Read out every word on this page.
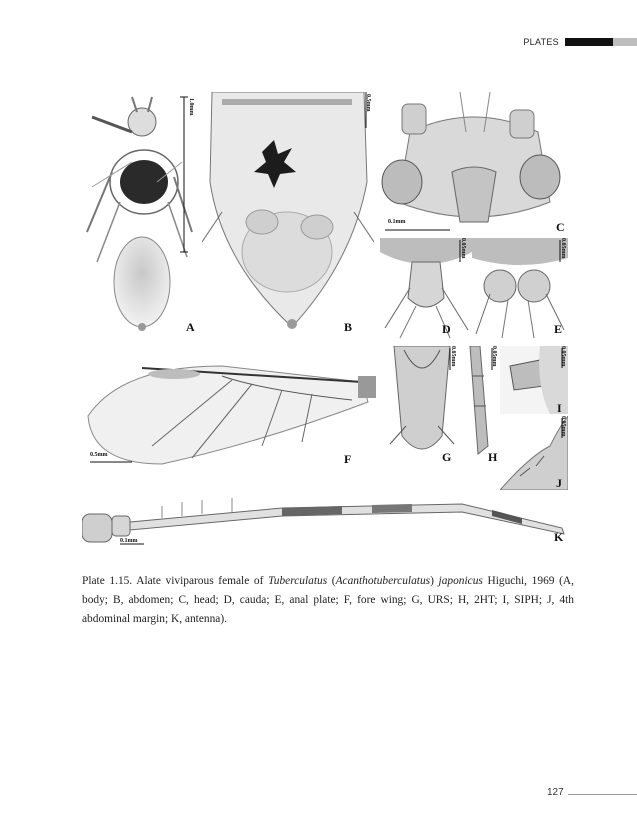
PLATES
1.0mm
A
0.5mm
B
0.1mm	C
0.05mm
D
0.05mm
E
0.5mm	F
0.05mm
G
0.05mm
H
0.05mm
I
0.05mm
J
0.1mm	K

Plate 1.15. Alate viviparous female of Tuberculatus (Acanthotuberculatus) japonicus Higuchi, 1969 (A, body; B, abdomen; C, head; D, cauda; E, anal plate; F, fore wing; G, URS; H, 2HT; I, SIPH; J, 4th abdominal margin; K, antenna).

127
